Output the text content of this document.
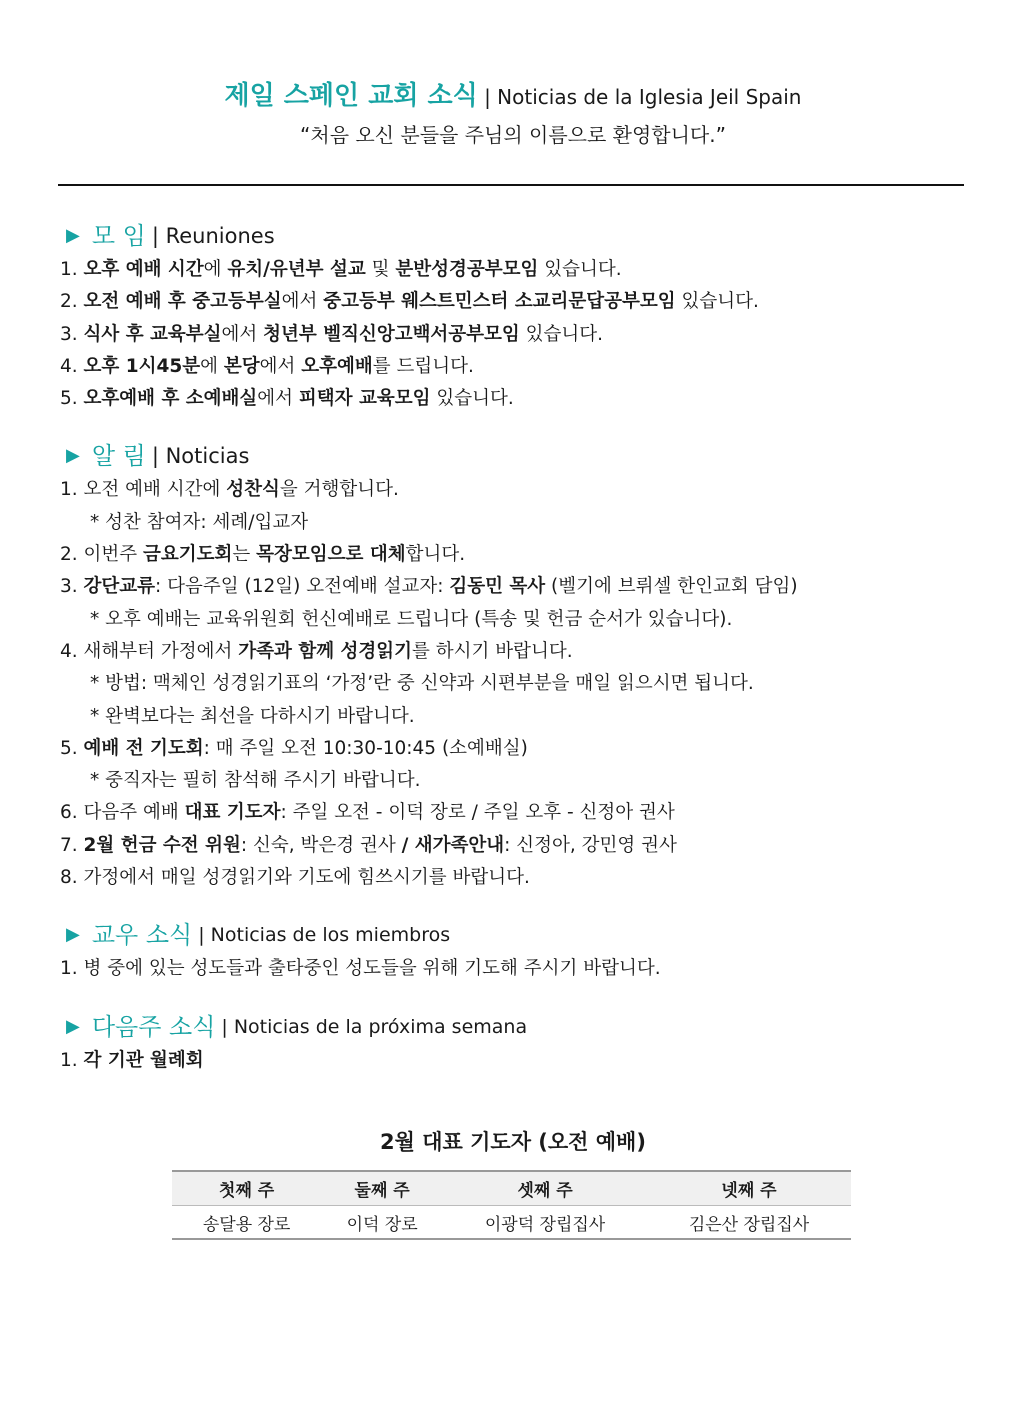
제일 스페인 교회 소식 | Noticias de la Iglesia Jeil Spain
“처음 오신 분들을 주님의 이름으로 환영합니다.”
▶ 모 임 | Reuniones
1. 오후 예배 시간에 유치/유년부 설교 및 분반성경공부모임 있습니다.
2. 오전 예배 후 중고등부실에서 중고등부 웨스트민스터 소교리문답공부모임 있습니다.
3. 식사 후 교육부실에서 청년부 벨직신앙고백서공부모임 있습니다.
4. 오후 1시45분에 본당에서 오후예배를 드립니다.
5. 오후예배 후 소예배실에서 피택자 교육모임 있습니다.
▶ 알 림 | Noticias
1. 오전 예배 시간에 성찬식을 거행합니다.
* 성찬 참여자: 세례/입교자
2. 이번주 금요기도회는 목장모임으로 대체합니다.
3. 강단교류: 다음주일 (12일) 오전예배 설교자: 김동민 목사 (벨기에 브뤼셀 한인교회 담임)
* 오후 예배는 교육위원회 헌신예배로 드립니다 (특송 및 헌금 순서가 있습니다).
4. 새해부터 가정에서 가족과 함께 성경읽기를 하시기 바랍니다.
* 방법: 맥체인 성경읽기표의 ‘가정’란 중 신약과 시편부분을 매일 읽으시면 됩니다.
* 완벽보다는 최선을 다하시기 바랍니다.
5. 예배 전 기도회: 매 주일 오전 10:30-10:45 (소예배실)
* 중직자는 필히 참석해 주시기 바랍니다.
6. 다음주 예배 대표 기도자: 주일 오전 - 이덕 장로 / 주일 오후 - 신정아 권사
7. 2월 헌금 수전 위원: 신숙, 박은경 권사 / 새가족안내: 신정아, 강민영 권사
8. 가정에서 매일 성경읽기와 기도에 힘쓰시기를 바랍니다.
▶ 교우 소식 | Noticias de los miembros
1. 병 중에 있는 성도들과 출타중인 성도들을 위해 기도해 주시기 바랍니다.
▶ 다음주 소식 | Noticias de la próxima semana
1. 각 기관 월례회
2월 대표 기도자 (오전 예배)
첫째 주	둘째 주	셋째 주	넷째 주
송달용 장로	이덕 장로	이광덕 장립집사	김은산 장립집사
